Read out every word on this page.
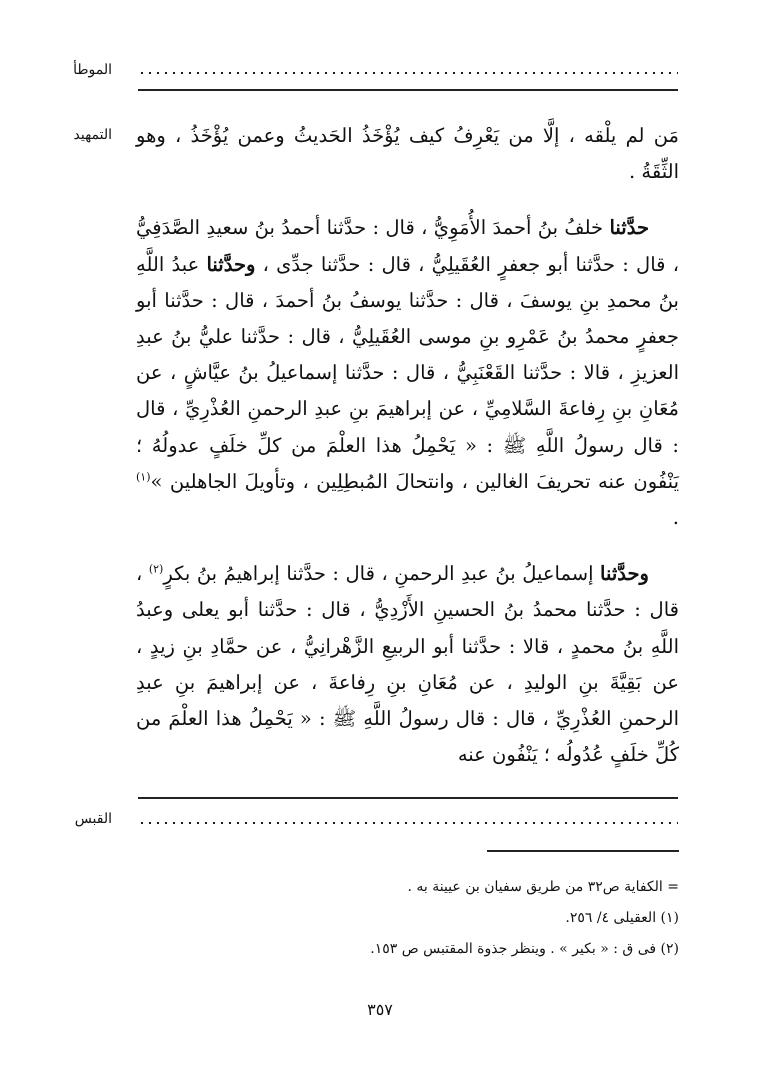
الموطأ
التمهيد مَن لم يلْقه ، إلَّا من يَعْرِفُ كيف يُؤْخَذُ الحَديثُ وعمن يُؤْخَذُ ، وهو الثِّقَةُ .

حدَّثنا خلفُ بنُ أحمدَ الأُمَوِيُّ ، قال : حدَّثنا أحمدُ بنُ سعيدِ الصَّدَفِيُّ ، قال : حدَّثنا أبو جعفرٍ العُقَيلِيُّ ، قال : حدَّثنا جدِّى ، وحدَّثنا عبدُ اللَّهِ بنُ محمدِ بنِ يوسفَ ، قال : حدَّثنا يوسفُ بنُ أحمدَ ، قال : حدَّثنا أبو جعفرٍ محمدُ بنُ عَمْرِو بنِ موسى العُقَيلِيُّ ، قال : حدَّثنا عليُّ بنُ عبدِ العزيزِ ، قالا : حدَّثنا القَعْنَبِيُّ ، قال : حدَّثنا إسماعيلُ بنُ عيَّاشٍ ، عن مُعَانِ بنِ رِفاعةَ السَّلامِيِّ ، عن إبراهيمَ بنِ عبدِ الرحمنِ العُذْرِيِّ ، قال : قال رسولُ اللَّهِ ﷺ : « يَحْمِلُ هذا العلْمَ من كلِّ خلَفٍ عدولُهُ ؛ يَنْفُون عنه تحريفَ الغالين ، وانتحالَ المُبطِلِين ، وتأويلَ الجاهلين »$^{(١)}$ .

وحدَّثنا إسماعيلُ بنُ عبدِ الرحمنِ ، قال : حدَّثنا إبراهيمُ بنُ بكرٍ$^{(٢)}$ ، قال : حدَّثنا محمدُ بنُ الحسينِ الأَزْدِيُّ ، قال : حدَّثنا أبو يعلى وعبدُ اللَّهِ بنُ محمدٍ ، قالا : حدَّثنا أبو الربيعِ الزَّهْرانِيُّ ، عن حمَّادِ بنِ زيدٍ ، عن بَقِيَّةَ بنِ الوليدِ ، عن مُعَانِ بنِ رِفاعةَ ، عن إبراهيمَ بنِ عبدِ الرحمنِ العُذْرِيِّ ، قال : قال رسولُ اللَّهِ ﷺ : « يَحْمِلُ هذا العلْمَ من كُلِّ خلَفٍ عُدُولُه ؛ يَنْفُون عنه

القبس

= الكفاية ص٣٢ من طريق سفيان بن عيينة به .

(١) العقيلى ٤/ ٢٥٦.

(٢) فى ق : « بكير » . وينظر جذوة المقتبس ص ١٥٣.

٣٥٧
